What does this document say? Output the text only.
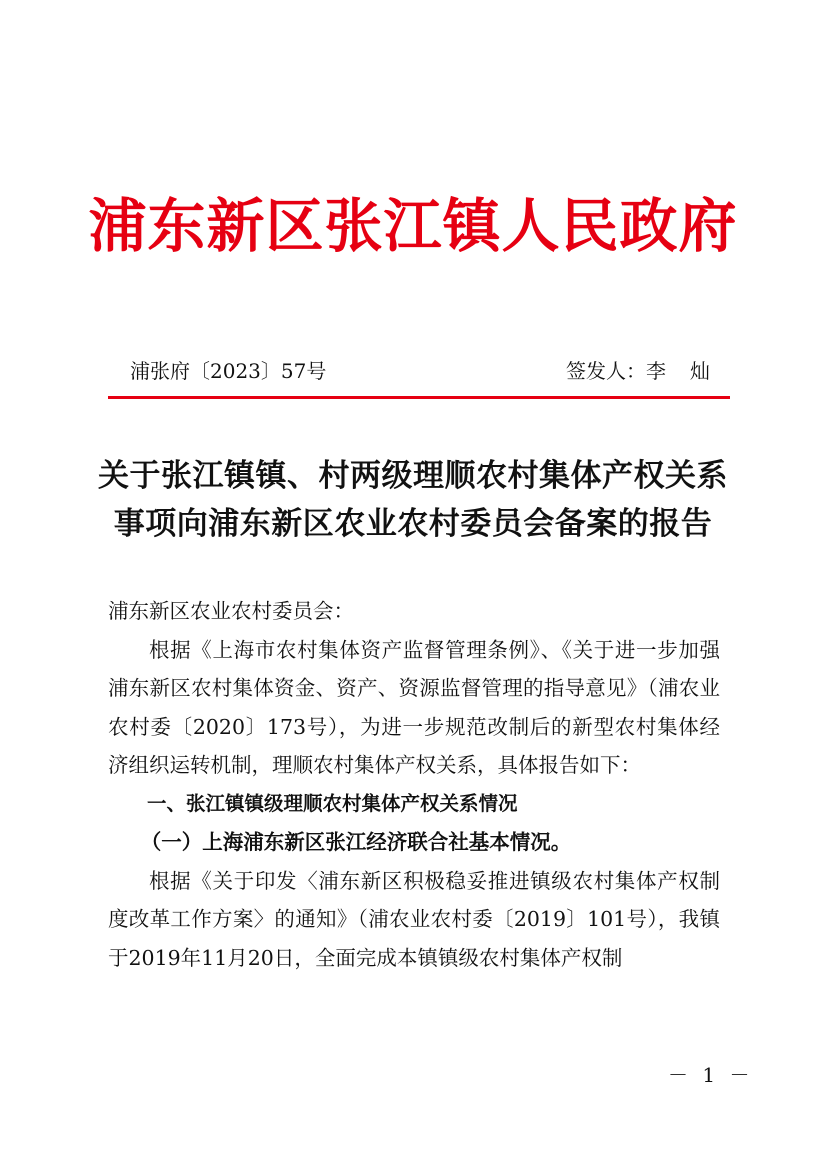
浦东新区张江镇人民政府
浦张府〔2023〕57号	签发人：李灿
关于张江镇镇、村两级理顺农村集体产权关系
事项向浦东新区农业农村委员会备案的报告

浦东新区农业农村委员会：

根据《上海市农村集体资产监督管理条例》、《关于进一步加强浦东新区农村集体资金、资产、资源监督管理的指导意见》（浦农业农村委〔2020〕173号），为进一步规范改制后的新型农村集体经济组织运转机制，理顺农村集体产权关系，具体报告如下：

一、张江镇镇级理顺农村集体产权关系情况

（一）上海浦东新区张江经济联合社基本情况。

根据《关于印发〈浦东新区积极稳妥推进镇级农村集体产权制度改革工作方案〉的通知》（浦农业农村委〔2019〕101号），我镇于2019年11月20日，全面完成本镇镇级农村集体产权制

－ 1 －
